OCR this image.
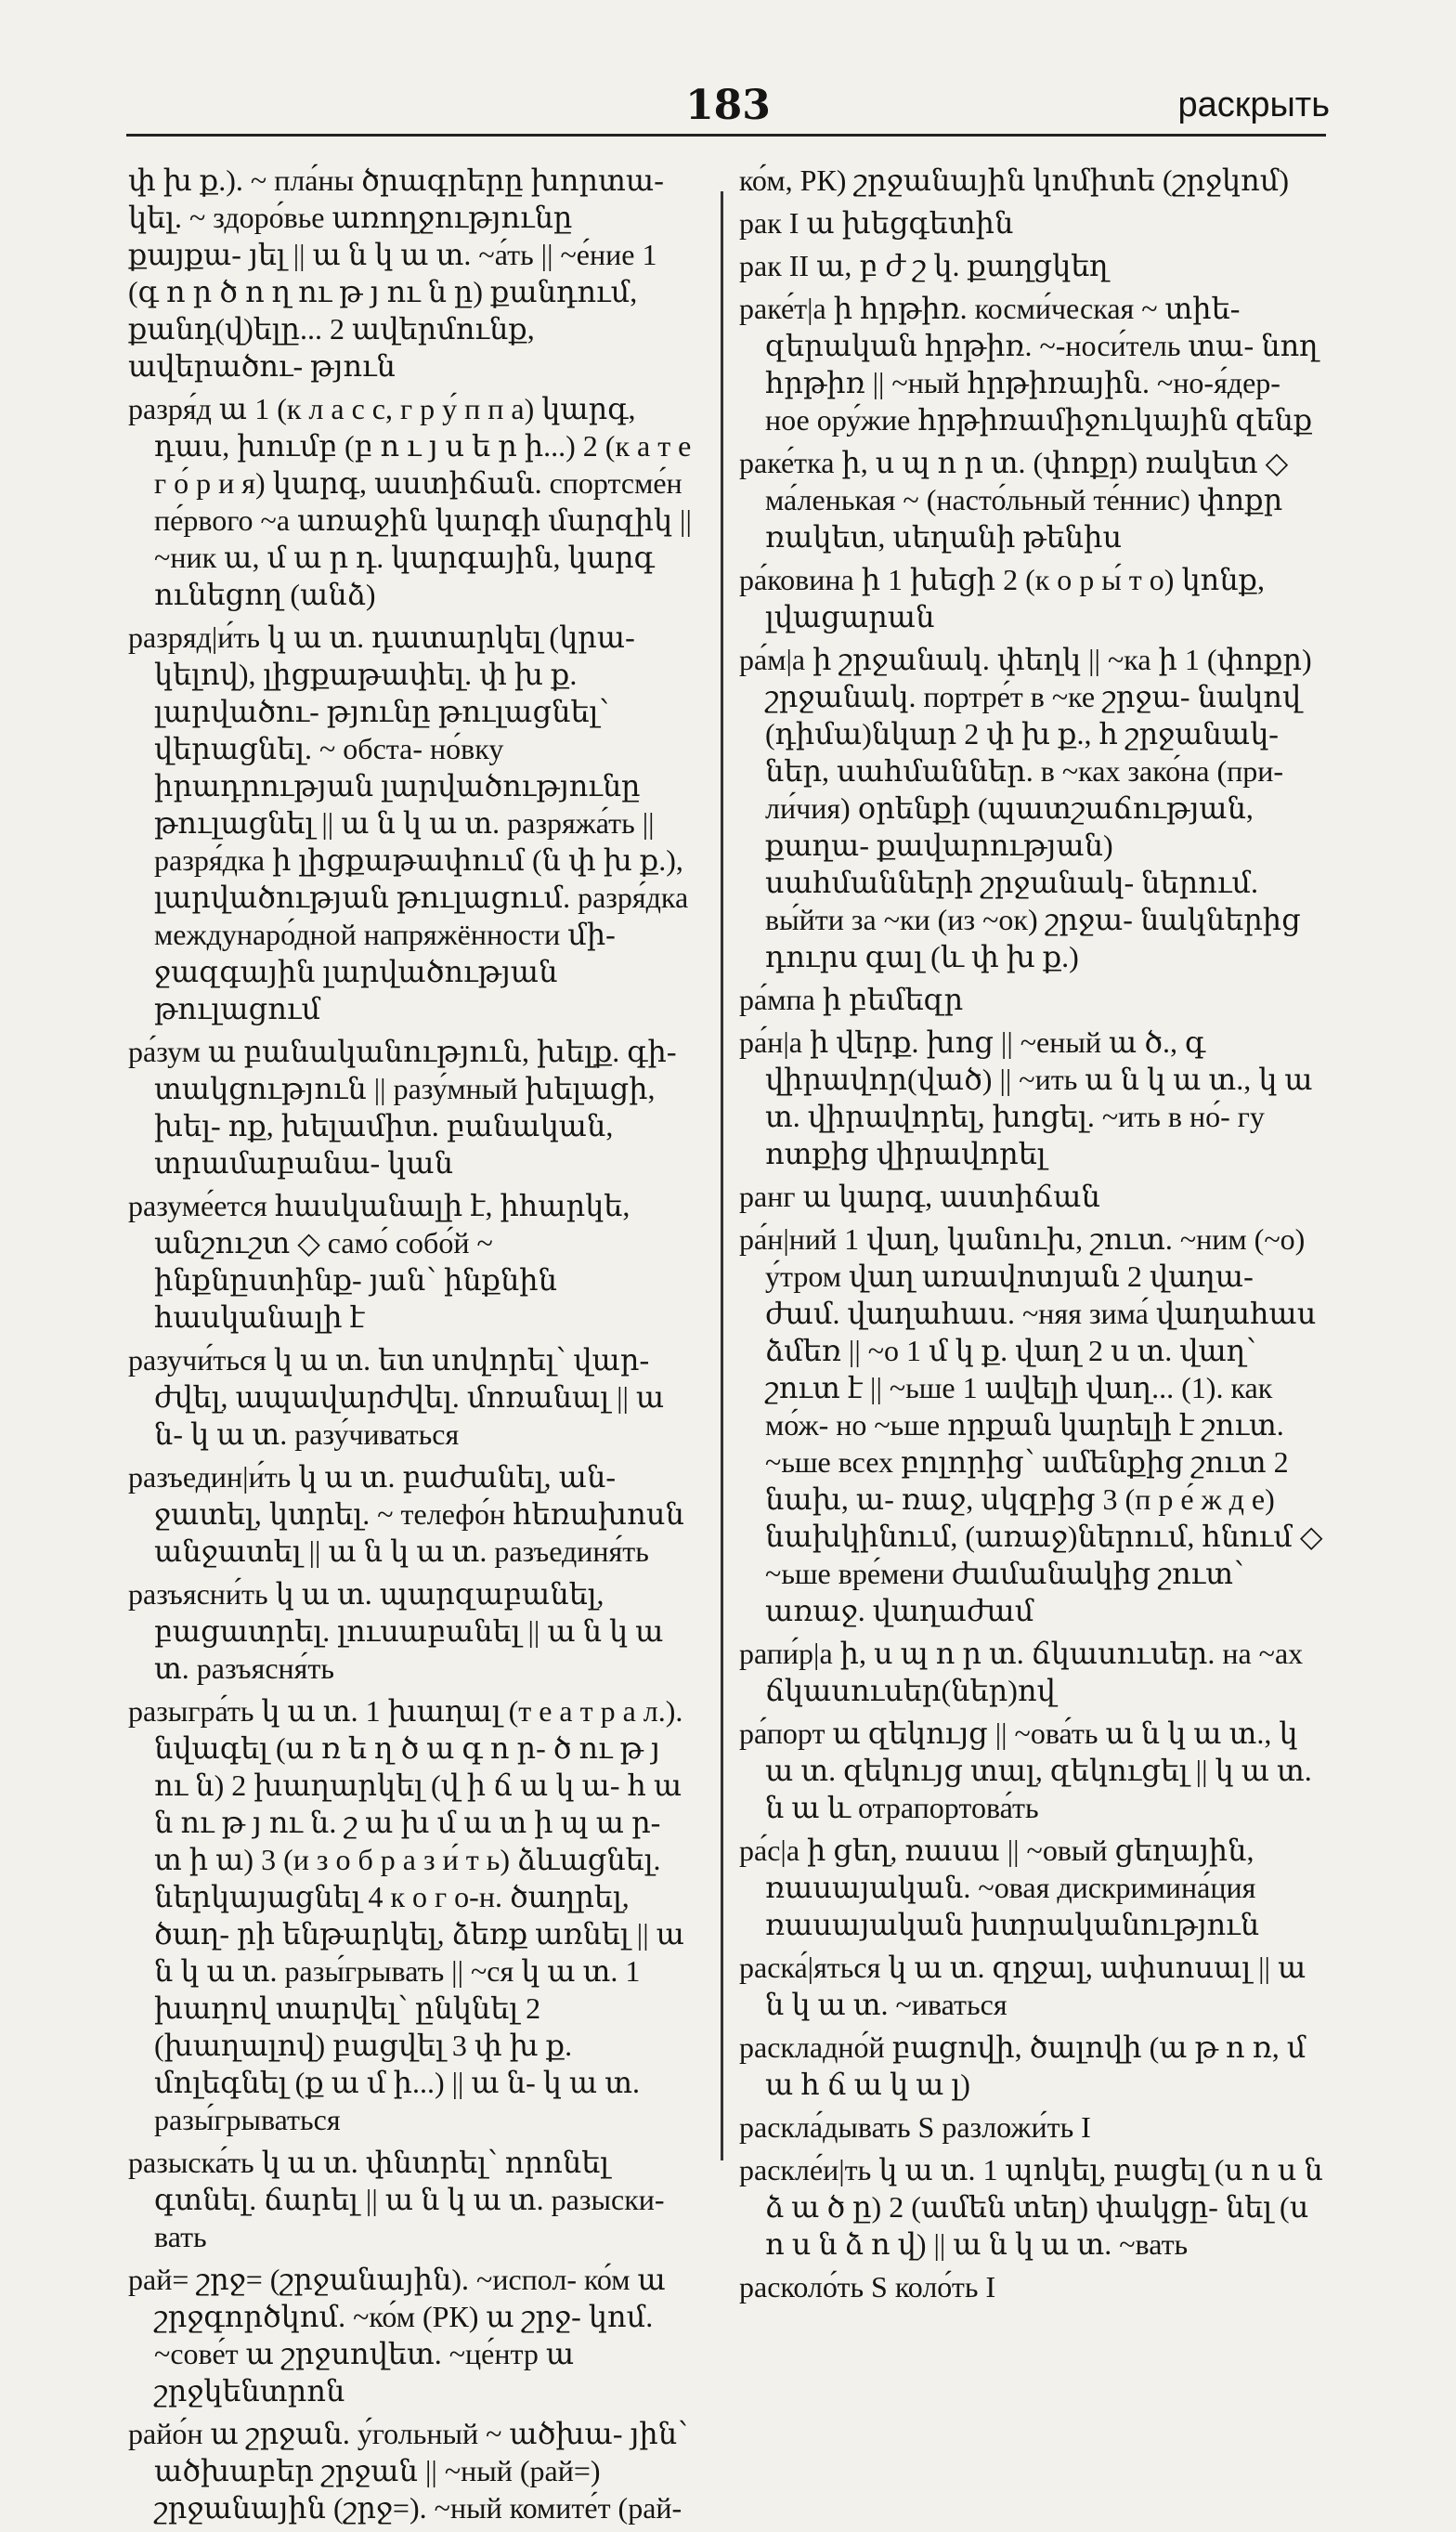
183	раскрыть

փ խ ք.). ~ пла́ны ծրագրերը խորտա- կել. ~ здоро́вье առողջությունը քայքա- յել || ա ն կ ա տ. ~а́ть || ~е́ние 1 (գ ո ր ծ ո ղ ու թ յ ու ն ը) քանդում, քանդ(վ)ելը... 2 ավերմունք, ավերածու- թյուն

разря́д ա 1 (к л а с с, г р у́ п п а) կարգ, դաս, խումբ (բ ո ւ յ ս ե ր ի...) 2 (к а т е г о́ р и я) կարգ, աստիճան. спортсме́н пе́рвого ~а առաջին կարգի մարզիկ || ~ник ա, մ ա ր դ. կարգային, կարգ ունեցող (անձ)

разряд|и́ть կ ա տ. դատարկել (կրա- կելով), լիցքաթափել. փ խ ք. լարվածու- թյունը թուլացնել՝ վերացնել. ~ обста- но́вку իրադրության լարվածությունը թուլացնել || ա ն կ ա տ. разряжа́ть || разря́дка ի լիցքաթափում (ն փ խ ք.), լարվածության թուլացում. разря́дка междунаро́дной напряжённости մի- ջազգային լարվածության թուլացում

ра́зум ա բանականություն, խելք. գի- տակցություն || разу́мный խելացի, խել- ոք, խելամիտ. բանական, տրամաբանա- կան

разуме́ется հասկանալի է, իհարկե, անշուշտ ◇ само́ собо́й ~ ինքնըստինք- յան՝ ինքնին հասկանալի է

разучи́ться կ ա տ. ետ սովորել՝ վար- ժվել, ապավարժվել. մոռանալ || ա ն- կ ա տ. разу́чиваться

разъедин|и́ть կ ա տ. բաժանել, ան- ջատել, կտրել. ~ телефо́н հեռախոսն անջատել || ա ն կ ա տ. разъединя́ть

разъясни́ть կ ա տ. պարզաբանել, բացատրել. լուսաբանել || ա ն կ ա տ. разъясня́ть

разыгра́ть կ ա տ. 1 խաղալ (т е а т р а л.). նվագել (ա ռ ե ղ ծ ա գ ո ր- ծ ու թ յ ու ն) 2 խաղարկել (վ ի ճ ա կ ա- հ ա ն ու թ յ ու ն. շ ա խ մ ա տ ի պ ա ր- տ ի ա) 3 (и з о б р а з и́ т ь) ձևացնել. ներկայացնել 4 к о г о-н. ծաղրել, ծաղ- րի ենթարկել, ձեռք առնել || ա ն կ ա տ. разы́грывать || ~ся կ ա տ. 1 խաղով տարվել՝ ընկնել 2 (խաղալով) բացվել 3 փ խ ք. մոլեգնել (ք ա մ ի...) || ա ն- կ ա տ. разы́грываться

разыска́ть կ ա տ. փնտրել՝ որոնել գտնել. ճարել || ա ն կ ա տ. разыски- вать

рай= շրջ= (շրջանային). ~испол- ко́м ա շրջգործկոմ. ~ко́м (РК) ա շրջ- կոմ. ~сове́т ա շրջսովետ. ~це́нтр ա շրջկենտրոն

райо́н ա շրջան. у́гольный ~ ածխա- յին՝ ածխաբեր շրջան || ~ный (рай=) շրջանային (շրջ=). ~ный комите́т (рай-

ко́м, РК) շրջանային կոմիտե (շրջկոմ)

рак I ա խեցգետին

рак II ա, բ ժ շ կ. քաղցկեղ

раке́т|а ի հրթիռ. косми́ческая ~ տիե- զերական հրթիռ. ~-носи́тель տա- նող հրթիռ || ~ный հրթիռային. ~но-я́дер- ное ору́жие հրթիռամիջուկային զենք

раке́тка ի, ս պ ո ր տ. (փոքր) ռակետ ◇ ма́ленькая ~ (насто́льный те́ннис) փոքր ռակետ, սեղանի թենիս

ра́ковина ի 1 խեցի 2 (к о р ы́ т о) կոնք, լվացարան

ра́м|а ի շրջանակ. փեղկ || ~ка ի 1 (փոքր) շրջանակ. портре́т в ~ке շրջա- նակով (դիմա)նկար 2 փ խ ք., հ շրջանակ- ներ, սահմաններ. в ~ках зако́на (при- ли́чия) օրենքի (պատշաճության, քաղա- քավարության) սահմանների շրջանակ- ներում. вы́йти за ~ки (из ~ок) շրջա- նակներից դուրս գալ (և փ խ ք.)

ра́мпа ի բեմեզր

ра́н|а ի վերք. խոց || ~еный ա ծ., գ վիրավոր(ված) || ~ить ա ն կ ա տ., կ ա տ. վիրավորել, խոցել. ~ить в но́- гу ոտքից վիրավորել

ранг ա կարգ, աստիճան

ра́н|ний 1 վաղ, կանուխ, շուտ. ~ним (~о) у́тром վաղ առավոտյան 2 վաղա- ժամ. վաղահաս. ~няя зима́ վաղահաս ձմեռ || ~о 1 մ կ ք. վաղ 2 ս տ. վաղ՝ շուտ է || ~ьше 1 ավելի վաղ... (1). как мо́ж- но ~ьше որքան կարելի է շուտ. ~ьше всех բոլորից՝ ամենքից շուտ 2 նախ, ա- ռաջ, սկզբից 3 (п р е́ ж д е) նախկինում, (առաջ)ներում, հնում ◇ ~ьше вре́мени ժամանակից շուտ՝ առաջ. վաղաժամ

рапи́р|а ի, ս պ ո ր տ. ճկասուսեր. на ~ах ճկասուսեր(ներ)ով

ра́порт ա զեկույց || ~ова́ть ա ն կ ա տ., կ ա տ. զեկույց տալ, զեկուցել || կ ա տ. ն ա և отрапортова́ть

ра́с|а ի ցեղ, ռասա || ~овый ցեղային, ռասայական. ~овая дискримина́ция ռասայական խտրականություն

раска́|яться կ ա տ. զղջալ, ափսոսալ || ա ն կ ա տ. ~иваться

раскладно́й բացովի, ծալովի (ա թ ո ռ, մ ա հ ճ ա կ ա լ)

раскла́дывать S разложи́ть I

раскле́и|ть կ ա տ. 1 պոկել, բացել (ս ո ս ն ձ ա ծ ը) 2 (ամեն տեղ) փակցը- նել (ս ո ս ն ձ ո վ) || ա ն կ ա տ. ~вать

расколо́ть S коло́ть I
